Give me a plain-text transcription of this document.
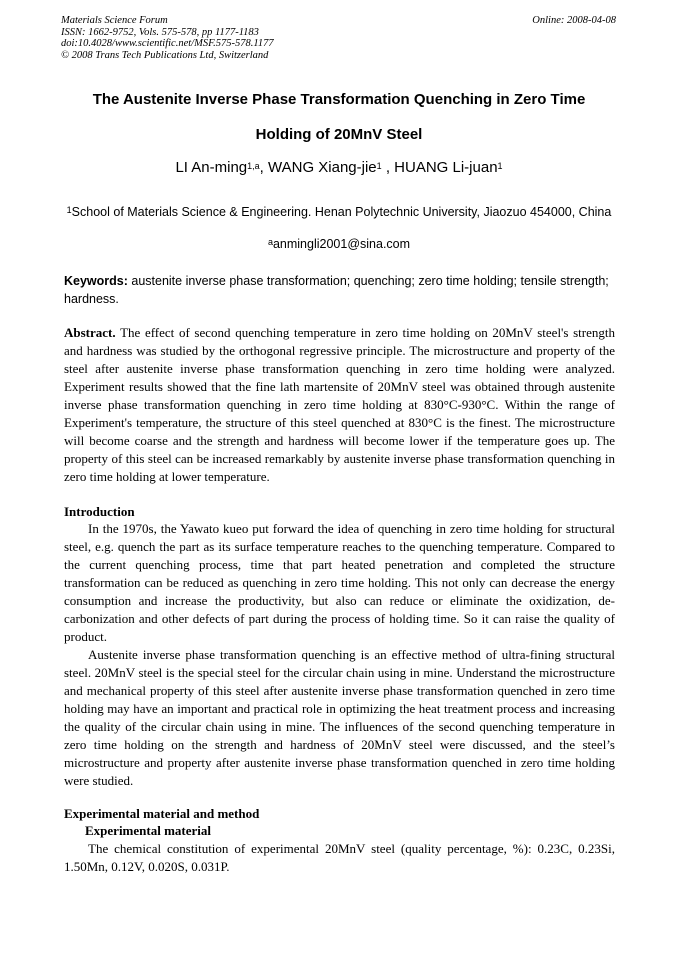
Materials Science Forum
ISSN: 1662-9752, Vols. 575-578, pp 1177-1183
doi:10.4028/www.scientific.net/MSF.575-578.1177
© 2008 Trans Tech Publications Ltd, Switzerland
Online: 2008-04-08
The Austenite Inverse Phase Transformation Quenching in Zero Time
Holding of 20MnV Steel
LI An-ming$^{1,a}$, WANG Xiang-jie$^1$ , HUANG Li-juan$^1$
$^1$School of Materials Science & Engineering. Henan Polytechnic University, Jiaozuo 454000, China
$^a$anmingli2001@sina.com
Keywords: austenite inverse phase transformation; quenching; zero time holding; tensile strength; hardness.

Abstract. The effect of second quenching temperature in zero time holding on 20MnV steel's strength and hardness was studied by the orthogonal regressive principle. The microstructure and property of the steel after austenite inverse phase transformation quenching in zero time holding were analyzed. Experiment results showed that the fine lath martensite of 20MnV steel was obtained through austenite inverse phase transformation quenching in zero time holding at 830°C-930°C. Within the range of Experiment's temperature, the structure of this steel quenched at 830°C is the finest. The microstructure will become coarse and the strength and hardness will become lower if the temperature goes up. The property of this steel can be increased remarkably by austenite inverse phase transformation quenching in zero time holding at lower temperature.

Introduction

In the 1970s, the Yawato kueo put forward the idea of quenching in zero time holding for structural steel, e.g. quench the part as its surface temperature reaches to the quenching temperature. Compared to the current quenching process, time that part heated penetration and completed the structure transformation can be reduced as quenching in zero time holding. This not only can decrease the energy consumption and increase the productivity, but also can reduce or eliminate the oxidization, de-carbonization and other defects of part during the process of holding time. So it can raise the quality of product.

Austenite inverse phase transformation quenching is an effective method of ultra-fining structural steel. 20MnV steel is the special steel for the circular chain using in mine. Understand the microstructure and mechanical property of this steel after austenite inverse phase transformation quenched in zero time holding may have an important and practical role in optimizing the heat treatment process and increasing the quality of the circular chain using in mine. The influences of the second quenching temperature in zero time holding on the strength and hardness of 20MnV steel were discussed, and the steel’s microstructure and property after austenite inverse phase transformation quenched in zero time holding were studied.

Experimental material and method
Experimental material

The chemical constitution of experimental 20MnV steel (quality percentage, %): 0.23C, 0.23Si, 1.50Mn, 0.12V, 0.020S, 0.031P.
